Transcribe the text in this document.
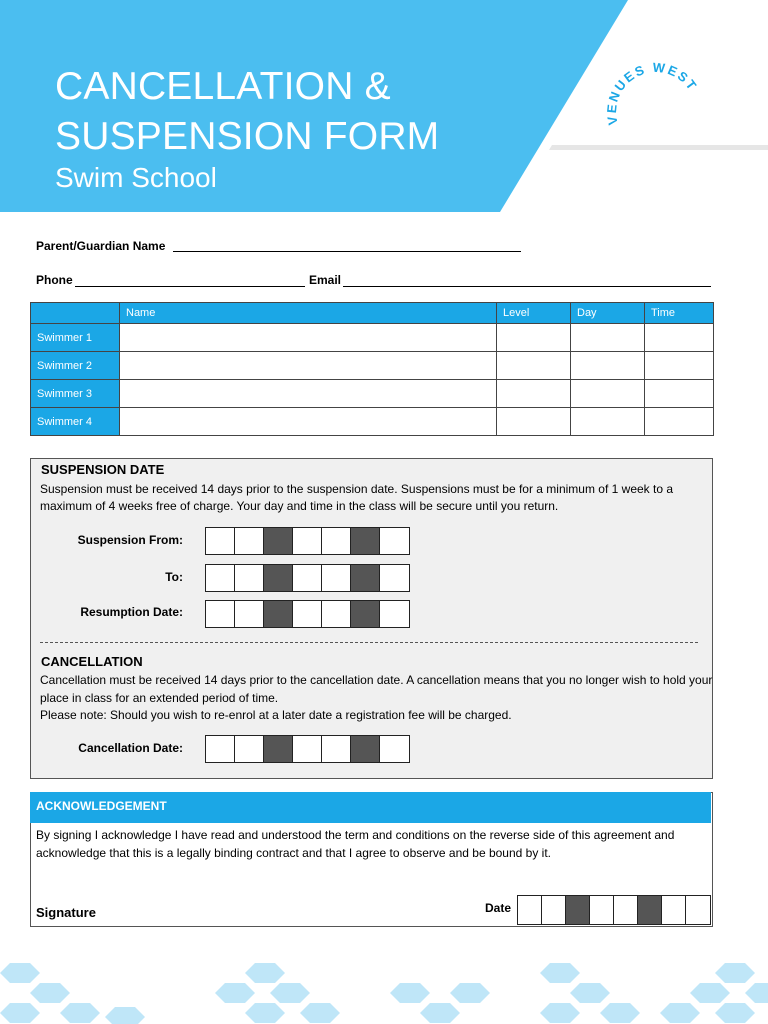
CANCELLATION &
SUSPENSION FORM
Swim School
VENUES WEST
Parent/Guardian Name
Phone	Email
	Name	Level	Day	Time
Swimmer 1				
Swimmer 2				
Swimmer 3				
Swimmer 4				
SUSPENSION DATE
Suspension must be received 14 days prior to the suspension date. Suspensions must be for a minimum of 1 week to a
maximum of 4 weeks free of charge. Your day and time in the class will be secure until you return.
Suspension From:
To:
Resumption Date:
CANCELLATION
Cancellation must be received 14 days prior to the cancellation date. A cancellation means that you no longer wish to hold your
place in class for an extended period of time.
Please note: Should you wish to re-enrol at a later date a registration fee will be charged.
Cancellation Date:
ACKNOWLEDGEMENT
By signing I acknowledge I have read and understood the term and conditions on the reverse side of this agreement and
acknowledge that this is a legally binding contract and that I agree to observe and be bound by it.
Signature	Date
